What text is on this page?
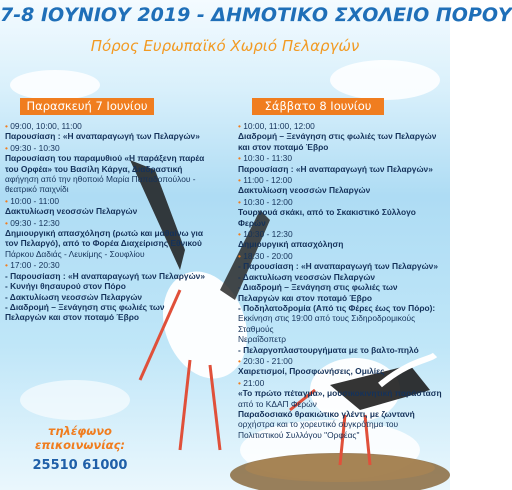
7-8 ΙΟΥΝΙΟΥ 2019 - ΔΗΜΟΤΙΚΟ ΣΧΟΛΕΙΟ ΠΟΡΟΥ
Πόρος Ευρωπαϊκό Χωριό Πελαργών
Παρασκευή 7 Ιουνίου	Σάββατο 8 Ιουνίου
• 09:00, 10:00, 11:00
Παρουσίαση : «Η αναπαραγωγή των Πελαργών»
• 09:30 - 10:30
Παρουσίαση του παραμυθιού «Η παράξενη παρέα
του Ορφέα» του Βασίλη Κάργα, Διαδραστική
αφήγηση από την ηθοποιό Μαρία Παπαδοπούλου -
θεατρικό παιχνίδι
• 10:00 - 11:00
Δακτυλίωση νεοσσών Πελαργών
• 09:30 - 12:30
Δημιουργική απασχόληση (ρωτώ και μαθαίνω για
τον Πελαργό), από το Φορέα Διαχείρισης Εθνικού
Πάρκου Δαδιάς - Λευκίμης - Σουφλίου
• 17:00 - 20:30
- Παρουσίαση : «Η αναπαραγωγή των Πελαργών»
- Κυνήγι θησαυρού στον Πόρο
- Δακτυλίωση νεοσσών Πελαργών
- Διαδρομή – Ξενάγηση στις φωλιές των
Πελαργών και στον ποταμό Έβρο
• 10:00, 11:00, 12:00
Διαδρομή – Ξενάγηση στις φωλιές των Πελαργών
και στον ποταμό Έβρο
• 10:30 - 11:30
Παρουσίαση : «Η αναπαραγωγή των Πελαργών»
• 11:00 - 12:00
Δακτυλίωση νεοσσών Πελαργών
• 10:30 - 12:00
Τουρνουά σκάκι, από το Σκακιστικό Σύλλογο Φερών
• 10:30 - 12:30
Δημιουργική απασχόληση
• 18:30 - 20:00
- Παρουσίαση : «Η αναπαραγωγή των Πελαργών»
- Δακτυλίωση νεοσσών Πελαργών
- Διαδρομή – Ξενάγηση στις φωλιές των
Πελαργών και στον ποταμό Έβρο
- Ποδηλατοδρομία (Από τις Φέρες έως τον Πόρο):
Εκκίνηση στις 19:00 από τους Σιδηροδρομικούς Σταθμούς
Νεραΐδοπετρ
- Πελαργοπλαστουργήματα με το βαλτο-πηλό
• 20:30 - 21:00
Χαιρετισμοί, Προσφωνήσεις, Ομιλίες
• 21:00
«Το πρώτο πέταγμα», μουσικοκινητική παράσταση
από το ΚΔΑΠ Φερών
Παραδοσιακό θρακιώτικο γλέντι, με ζωντανή
ορχήστρα και το χορευτικό συγκρότημα του
Πολιτιστικού Συλλόγου "Ορφέας"
τηλέφωνο επικοινωνίας:
25510 61000
